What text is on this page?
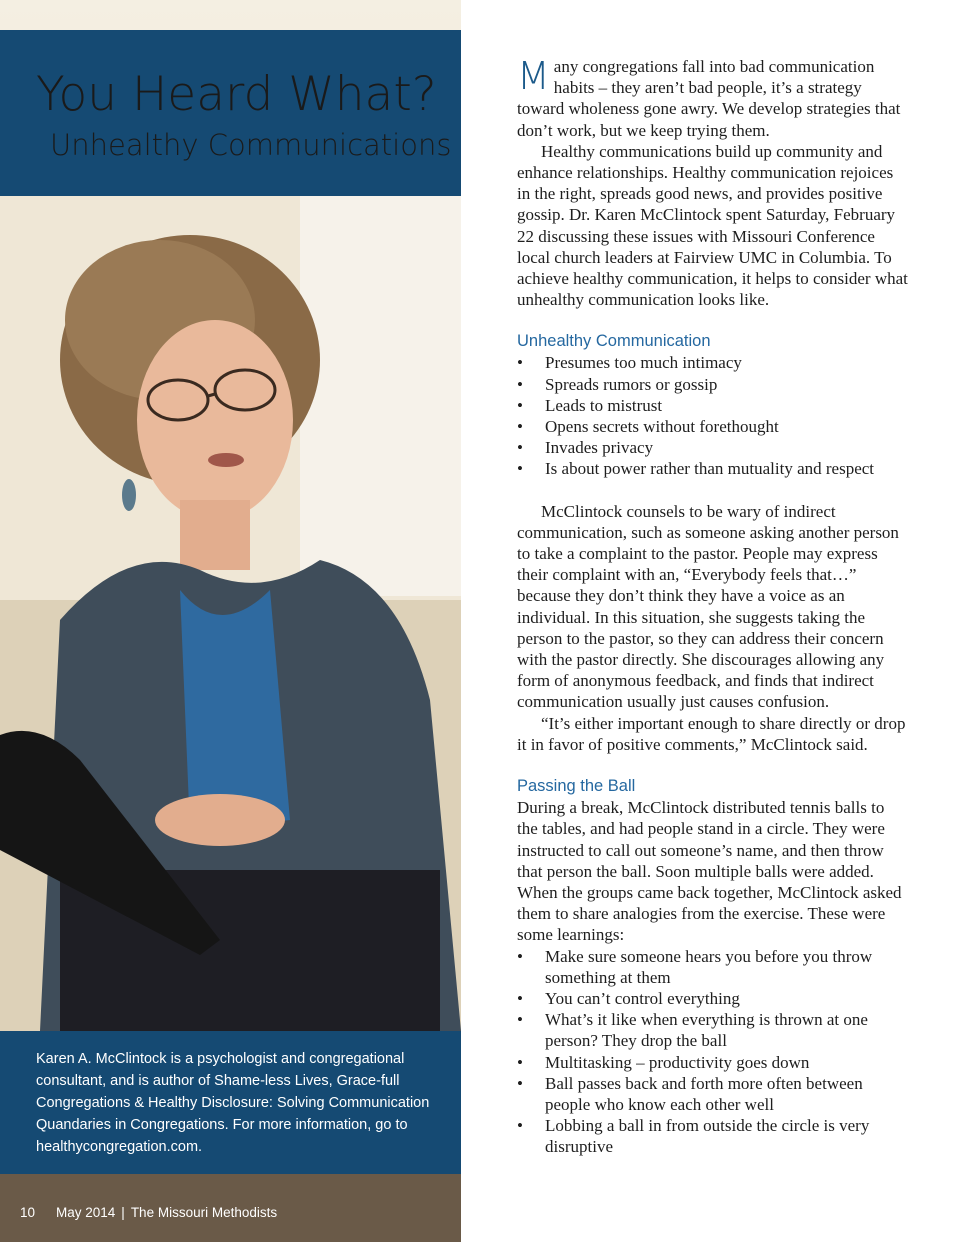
You Heard What?
Unhealthy Communications
Karen A. McClintock is a psychologist and congregational consultant, and is author of Shame-less Lives, Grace-full Congregations & Healthy Disclosure: Solving Communication Quandaries in Congregations. For more information, go to healthycongregation.com.
10 May 2014 | The Missouri Methodists

Many congregations fall into bad communication habits – they aren’t bad people, it’s a strategy toward wholeness gone awry. We develop strategies that don’t work, but we keep trying them.

Healthy communications build up community and enhance relationships. Healthy communication rejoices in the right, spreads good news, and provides positive gossip. Dr. Karen McClintock spent Saturday, February 22 discussing these issues with Missouri Conference local church leaders at Fairview UMC in Columbia. To achieve healthy communication, it helps to consider what unhealthy communication looks like.

Unhealthy Communication
• Presumes too much intimacy
• Spreads rumors or gossip
• Leads to mistrust
• Opens secrets without forethought
• Invades privacy
• Is about power rather than mutuality and respect

McClintock counsels to be wary of indirect communication, such as someone asking another person to take a complaint to the pastor. People may express their complaint with an, “Everybody feels that…” because they don’t think they have a voice as an individual. In this situation, she suggests taking the person to the pastor, so they can address their concern with the pastor directly. She discourages allowing any form of anonymous feedback, and finds that indirect communication usually just causes confusion.

“It’s either important enough to share directly or drop it in favor of positive comments,” McClintock said.

Passing the Ball

During a break, McClintock distributed tennis balls to the tables, and had people stand in a circle. They were instructed to call out someone’s name, and then throw that person the ball. Soon multiple balls were added. When the groups came back together, McClintock asked them to share analogies from the exercise. These were some learnings:

• Make sure someone hears you before you throw something at them
• You can’t control everything
• What’s it like when everything is thrown at one person? They drop the ball
• Multitasking – productivity goes down
• Ball passes back and forth more often between people who know each other well
• Lobbing a ball in from outside the circle is very disruptive
